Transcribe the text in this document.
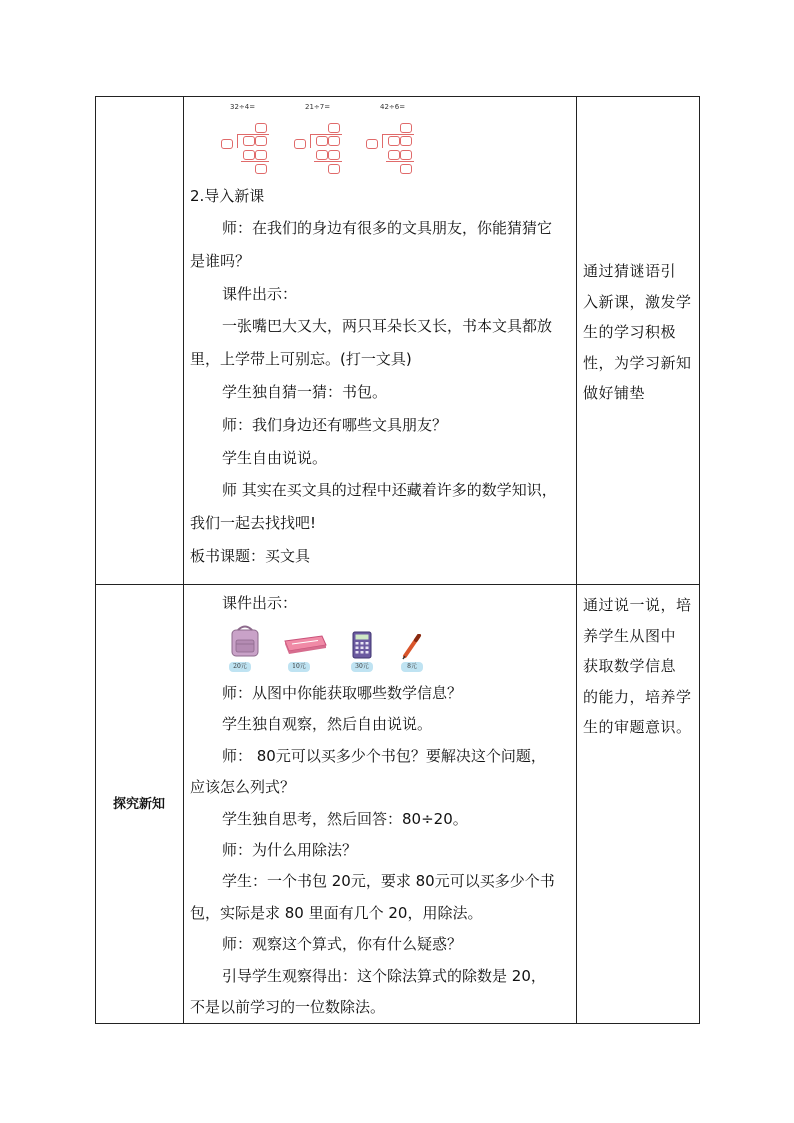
32÷4=	21÷7=	42÷6=
2.导入新课
师：在我们的身边有很多的文具朋友，你能猜猜它
是谁吗？
课件出示：
一张嘴巴大又大，两只耳朵长又长，书本文具都放
里，上学带上可别忘。(打一文具)
学生独自猜一猜：书包。
师：我们身边还有哪些文具朋友？
学生自由说说。
师 其实在买文具的过程中还藏着许多的数学知识，
我们一起去找找吧!
板书课题：买文具
通过猜谜语引
入新课，激发学
生的学习积极
性，为学习新知
做好铺垫
探究新知
课件出示：
20元	10元	30元	8元
师：从图中你能获取哪些数学信息？
学生独自观察，然后自由说说。
师： 80元可以买多少个书包？要解决这个问题，
应该怎么列式？
学生独自思考，然后回答：80÷20。
师：为什么用除法？
学生：一个书包 20元，要求 80元可以买多少个书
包，实际是求 80 里面有几个 20，用除法。
师：观察这个算式，你有什么疑惑？
引导学生观察得出：这个除法算式的除数是 20，
不是以前学习的一位数除法。
通过说一说，培
养学生从图中
获取数学信息
的能力，培养学
生的审题意识。
